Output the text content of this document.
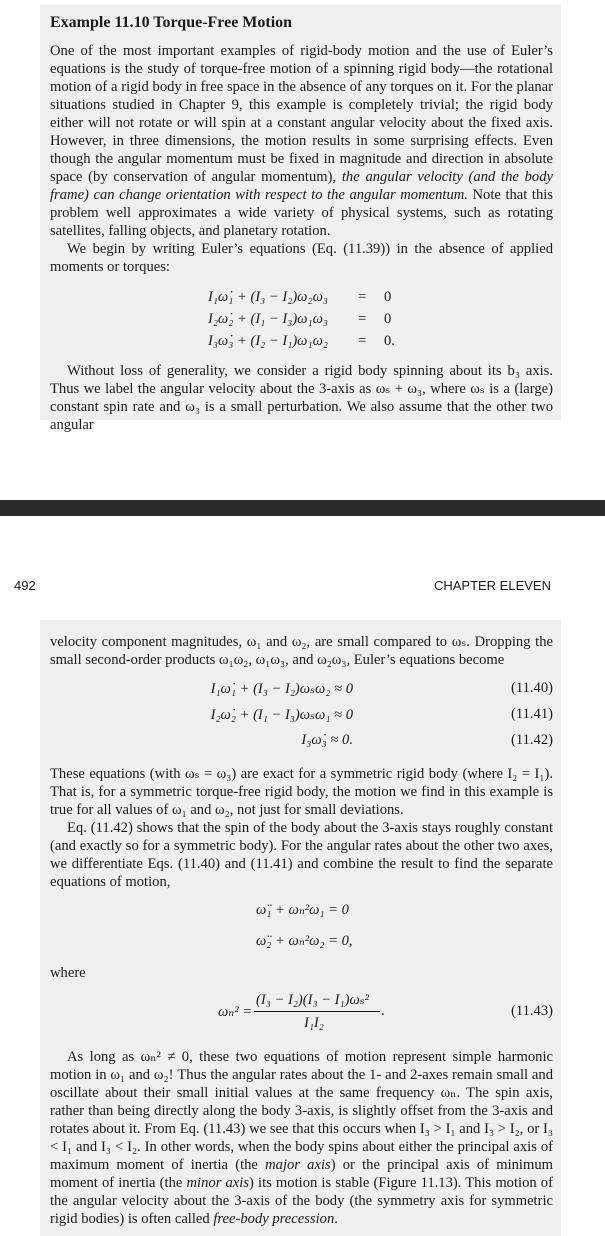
Example 11.10 Torque-Free Motion

One of the most important examples of rigid-body motion and the use of Euler’s equations is the study of torque-free motion of a spinning rigid body—the rotational motion of a rigid body in free space in the absence of any torques on it. For the planar situations studied in Chapter 9, this example is completely trivial; the rigid body either will not rotate or will spin at a constant angular velocity about the fixed axis. However, in three dimensions, the motion results in some surprising effects. Even though the angular momentum must be fixed in magnitude and direction in absolute space (by conservation of angular momentum), the angular velocity (and the body frame) can change orientation with respect to the angular momentum. Note that this problem well approximates a wide variety of physical systems, such as rotating satellites, falling objects, and planetary rotation.

We begin by writing Euler’s equations (Eq. (11.39)) in the absence of applied moments or torques:

I₁ω̇₁ + (I₃ − I₂)ω₂ω₃ = 0
I₂ω̇₂ + (I₁ − I₃)ω₁ω₃ = 0
I₃ω̇₃ + (I₂ − I₁)ω₁ω₂ = 0.

Without loss of generality, we consider a rigid body spinning about its b₃ axis. Thus we label the angular velocity about the 3-axis as ωₛ + ω₃, where ωₛ is a (large) constant spin rate and ω₃ is a small perturbation. We also assume that the other two angular

492	CHAPTER ELEVEN

velocity component magnitudes, ω₁ and ω₂, are small compared to ωₛ. Dropping the small second-order products ω₁ω₂, ω₁ω₃, and ω₂ω₃, Euler’s equations become

I₁ω̇₁ + (I₃ − I₂)ωₛω₂ ≈ 0	(11.40)
I₂ω̇₂ + (I₁ − I₃)ωₛω₁ ≈ 0	(11.41)
I₃ω̇₃ ≈ 0.	(11.42)

These equations (with ωₛ = ω₃) are exact for a symmetric rigid body (where I₂ = I₁). That is, for a symmetric torque-free rigid body, the motion we find in this example is true for all values of ω₁ and ω₂, not just for small deviations.

Eq. (11.42) shows that the spin of the body about the 3-axis stays roughly constant (and exactly so for a symmetric body). For the angular rates about the other two axes, we differentiate Eqs. (11.40) and (11.41) and combine the result to find the separate equations of motion,

ω̈₁ + ωₙ²ω₁ = 0
ω̈₂ + ωₙ²ω₂ = 0,

where

ωₙ² =
(I₃ − I₂)(I₃ − I₁)ωₛ²
I₁I₂
.	(11.43)

As long as ωₙ² ≠ 0, these two equations of motion represent simple harmonic motion in ω₁ and ω₂! Thus the angular rates about the 1- and 2-axes remain small and oscillate about their small initial values at the same frequency ωₙ. The spin axis, rather than being directly along the body 3-axis, is slightly offset from the 3-axis and rotates about it. From Eq. (11.43) we see that this occurs when I₃ > I₁ and I₃ > I₂, or I₃ < I₁ and I₃ < I₂. In other words, when the body spins about either the principal axis of maximum moment of inertia (the major axis) or the principal axis of minimum moment of inertia (the minor axis) its motion is stable (Figure 11.13). This motion of the angular velocity about the 3-axis of the body (the symmetry axis for symmetric rigid bodies) is often called free-body precession.
